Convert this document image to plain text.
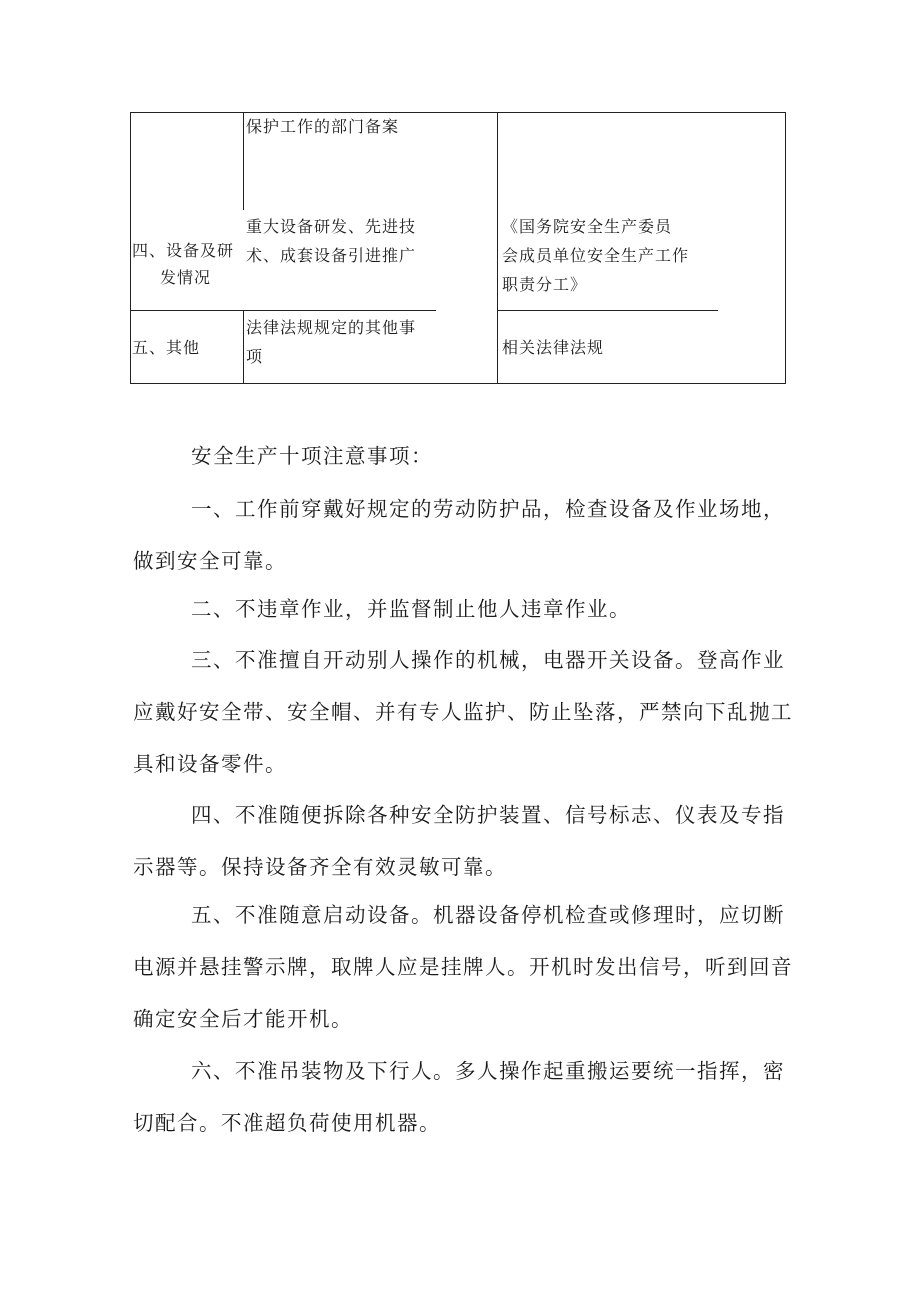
保护工作的部门备案
四、设备及研
发情况
重大设备研发、先进技
术、成套设备引进推广
《国务院安全生产委员
会成员单位安全生产工作
职责分工》
五、其他
法律法规规定的其他事
项	相关法律法规
安全生产十项注意事项：

一、工作前穿戴好规定的劳动防护品，检查设备及作业场地，做到安全可靠。

二、不违章作业，并监督制止他人违章作业。

三、不准擅自开动别人操作的机械，电器开关设备。登高作业应戴好安全带、安全帽、并有专人监护、防止坠落，严禁向下乱抛工具和设备零件。

四、不准随便拆除各种安全防护装置、信号标志、仪表及专指示器等。保持设备齐全有效灵敏可靠。

五、不准随意启动设备。机器设备停机检查或修理时，应切断电源并悬挂警示牌，取牌人应是挂牌人。开机时发出信号，听到回音确定安全后才能开机。

六、不准吊装物及下行人。多人操作起重搬运要统一指挥，密切配合。不准超负荷使用机器。
